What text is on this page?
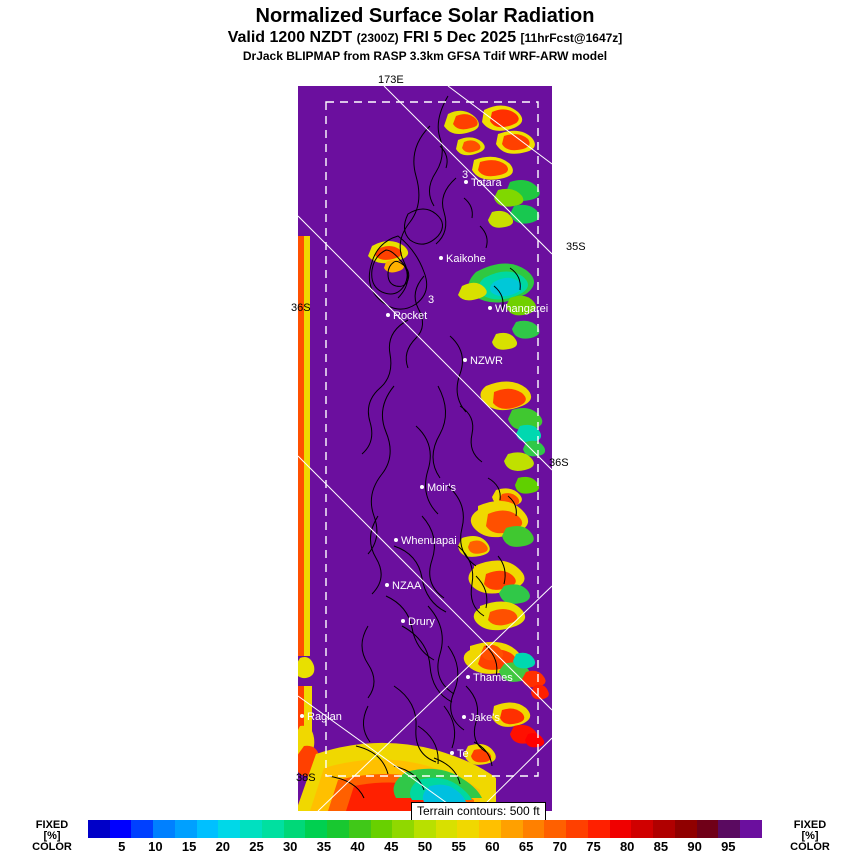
Normalized Surface Solar Radiation
Valid 1200 NZDT (2300Z) FRI 5 Dec 2025 [11hrFcst@1647z]
DrJack BLIPMAP from RASP 3.3km GFSA Tdif WRF-ARW model
Totara
Kaikohe
Rocket
Whangarei
NZWR
Moir's
Whenuapai
NZAA
Drury
Thames
Raglan	Jake's
Te
3
3
173E
35S
36S
36S
38S
Terrain contours: 500 ft
FIXED
[%]
COLOR
FIXED
[%]
COLOR
5 10 15 20 25 30 35 40 45 50 55 60 65 70 75 80 85 90 95
